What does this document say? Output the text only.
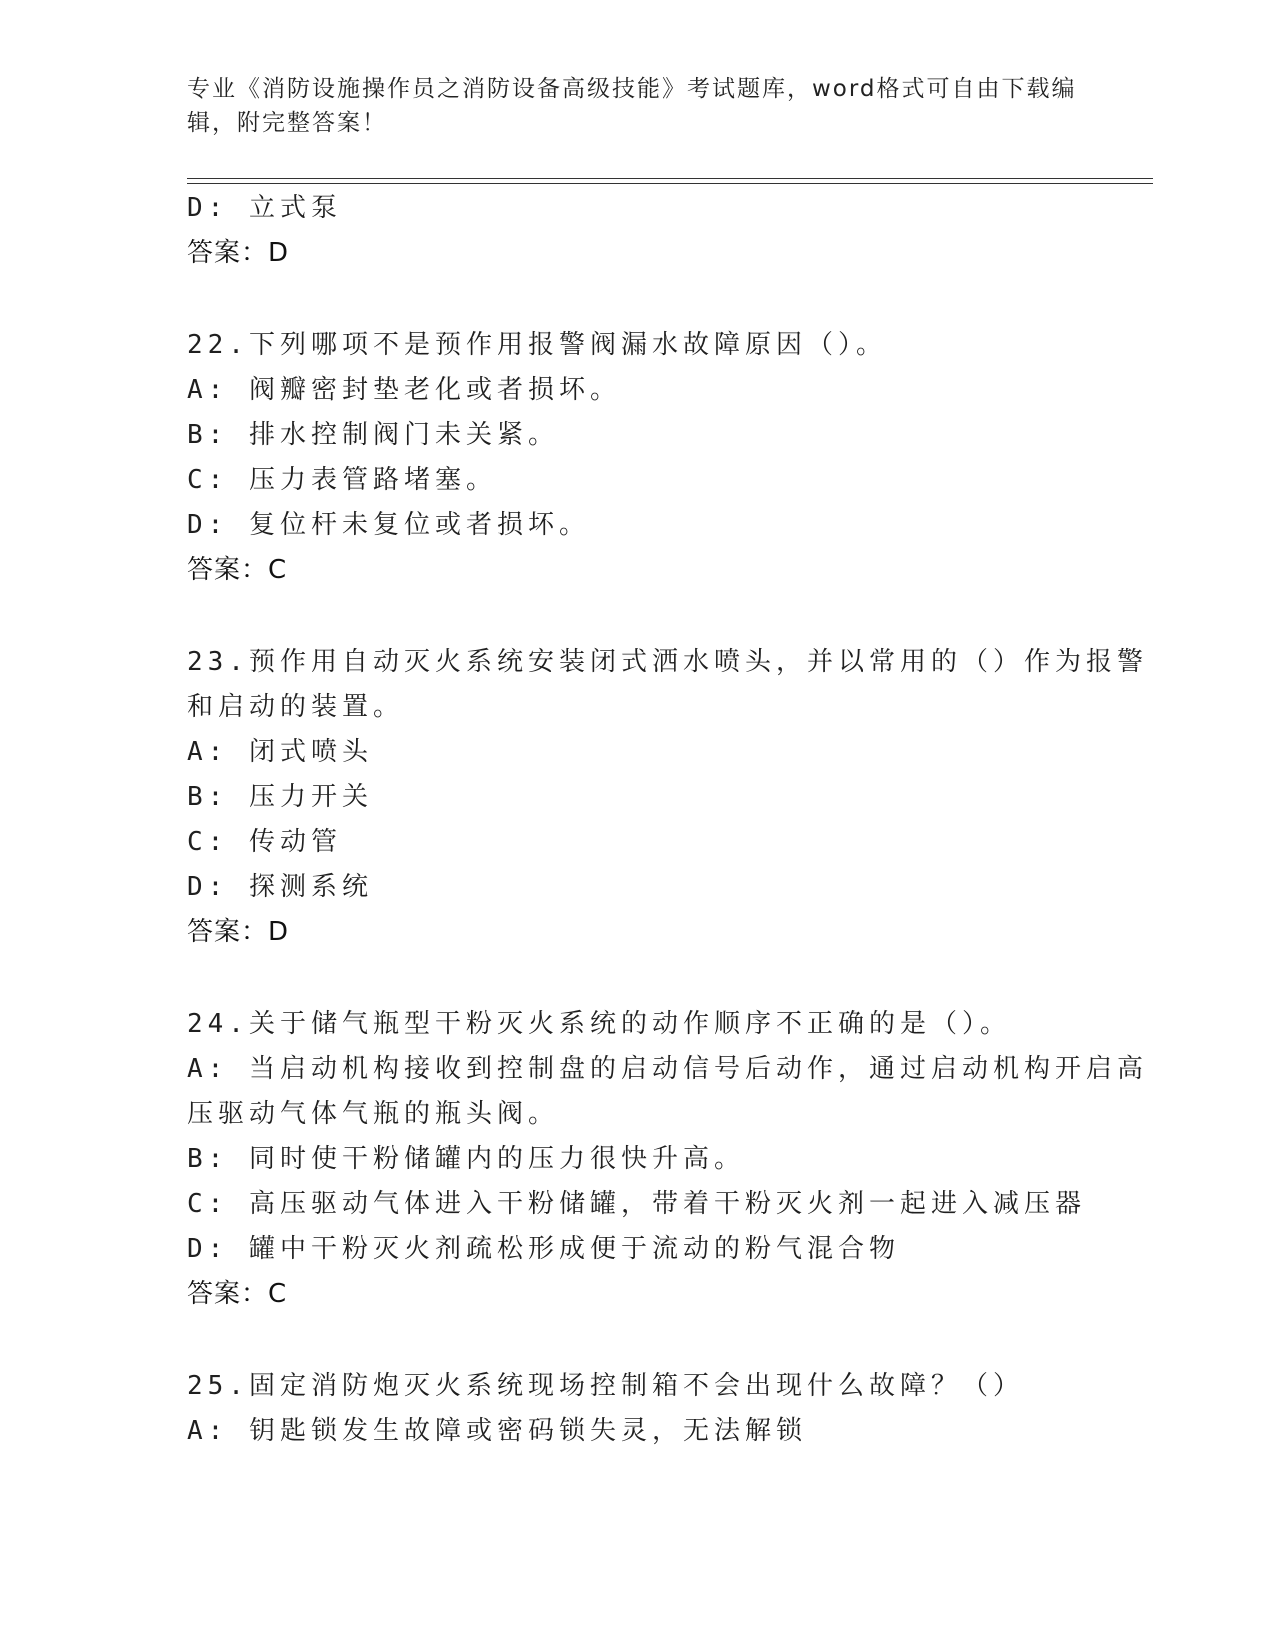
专业《消防设施操作员之消防设备高级技能》考试题库，word格式可自由下载编
辑，附完整答案！
D: 立式泵
答案：D
22.下列哪项不是预作用报警阀漏水故障原因（）。
A: 阀瓣密封垫老化或者损坏。
B: 排水控制阀门未关紧。
C: 压力表管路堵塞。
D: 复位杆未复位或者损坏。
答案：C
23.预作用自动灭火系统安装闭式洒水喷头，并以常用的（）作为报警
和启动的装置。
A: 闭式喷头
B: 压力开关
C: 传动管
D: 探测系统
答案：D
24.关于储气瓶型干粉灭火系统的动作顺序不正确的是（）。
A: 当启动机构接收到控制盘的启动信号后动作，通过启动机构开启高
压驱动气体气瓶的瓶头阀。
B: 同时使干粉储罐内的压力很快升高。
C: 高压驱动气体进入干粉储罐，带着干粉灭火剂一起进入减压器
D: 罐中干粉灭火剂疏松形成便于流动的粉气混合物
答案：C
25.固定消防炮灭火系统现场控制箱不会出现什么故障？（）
A: 钥匙锁发生故障或密码锁失灵，无法解锁
